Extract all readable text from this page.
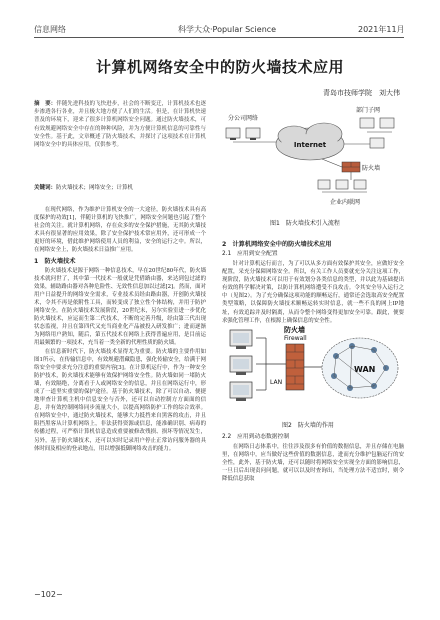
信息网络	科学大众·Popular Science	2021年11月
计算机网络安全中的防火墙技术应用
青岛市技师学院　刘大伟
摘　要：伴随先进科技的飞快进步，社会的不断变迁，计算机技术也逐步渗透各行各业，并且极大地方便了人们的生活。但是，在计算机快速普及的环境下，迎来了很多计算机网络安全问题。通过防火墙技术，可有效规避网络安全中存在的种种风险，并为方便计算机信息的可靠性与安全性。基于此，文章概述了防火墙技术，并探讨了这项技术在计算机网络安全中的具体应用，仅供参考。
关键词：防火墙技术；网络安全；计算机

在现代网络，作为维护计算机安全的一大途径，防火墙技术具有高度保护的功效[1]，伴随计算机的飞快推广，网络安全问题也引起了整个社会的关注。就计算机网络，存在众多的安全保护措施，无其防火墙技术具有很显著的应用效果，除了安全保护技术常应用外，还可形成一个更好的环境，借此维护网络使用人员的利益，安全的运行之中。所以，在网络安全上，防火墙技术日益推广应用。

1　防火墙技术

防火墙技术是源于网络一种信息技术，早在20世纪80年代，防火墙技术就问世了，其中第一代技术一般就是凭借路由器，来达到包过滤的效果，辅助路由器对各种危险性、无效性信息加以过滤[2]。然而，面对用户日益提升的网络安全需求，专业技术员经由路由器，开创防火墙技术，令其不再是依附性工具，而转变成了独立性个体结构，并用于防护网络安全。在防火墙技术发展阶段，20世纪末，另尔实验室进一步优化防火墙技术，应运而生第二代技术，不断的完善升级，经由第三代出现状态监视，并且在第四代又充当商业化产品被投入研发推广；进而逐渐为网络用户熟知，随后，第五代技术在网络上获得普遍应用，是目前运用最频繁的一项技术，充当着一类全新的代理性质的防火墙。

在信息新时代下，防火墙技术显得尤为重要。防火墙的主要作用如图1所示，在传输信息中，有效规避潜藏隐患，强化传输安全，给满于网络安全中要求充分注意的重要内容[3]。在计算机运行中，作为一种安全防护技术，防火墙技术能够有效保护网络安全性。防火墙如同一堵防火墙，有效隔绝，分离看于人或网络安全的信息，并且在网络运行中，形成了一道坚实重要的保护途径。基于防火墙技术，除了可以自动、便捷地审查计算机主机中信息安全与否外，还可以自动控制方方面面的信息，并有效控制网络同步流量大小，以提高网络防护工作的综合效率。在网络安全中，通过防火墙技术，能够大力抵挡来自黑客的攻击，并且阻挡黑客从计算机网络上，非法获得资源或信息，能准确识别、病毒的传播过程，可严格计算机信息造成重要被修改残损、损坏等情况发生，另外，基于防火墙技术，还可以实时记录用户停止正常访问服务器的具体时间及相应的登录地点，用以增强抵御网络攻击的能力。

Internet
分公司网络
部门子网
防火墙
企业内联网
图1　防火墙技术引入流程
2　计算机网络安全中的防火墙技术应用
2.1　应用到安全配置

针对计算机运行而言，为了可以从多方面有效保护其安全，应做好安全配置，采充分保障网络安全。所以，有关工作人员要就充分关注这项工作，现阶段，防火墙技术可以用于有效划分各类信息的类型，并以此为基础提出有效的科学解决对策，以防计算机网络遭受不良攻击。令其安全导入运行之中（见图2）。为了充分确保这项功能的顺畅运行，通常还会选取高安全配置类型策略，以保障防火墙技术顺畅运转实时信息，就一些不良的网上IP地址，有效追踪并及时隔离，从而令整个网络变得更加安全可靠。跟此，便要求强化管理工作，在根源上确保信息的安全性。

LAN
防火墙
Firewall
WAN
图2　防火墙的作用
2.2　应用到动态数据控制

在网络日志体系中，往往涉及很多有价值的数据信息，并且存储在电脑里，在网络中，应当做好这些价值的数据信息，进而充分维护包脑运行的安全性，此外，基于防火墙，还可以随时将网络安全实现全方面的影响信息，一旦日后出现责问问题，就可以以及时查询出，当处理方法不适宜时，则令降低信息获取

−102−
